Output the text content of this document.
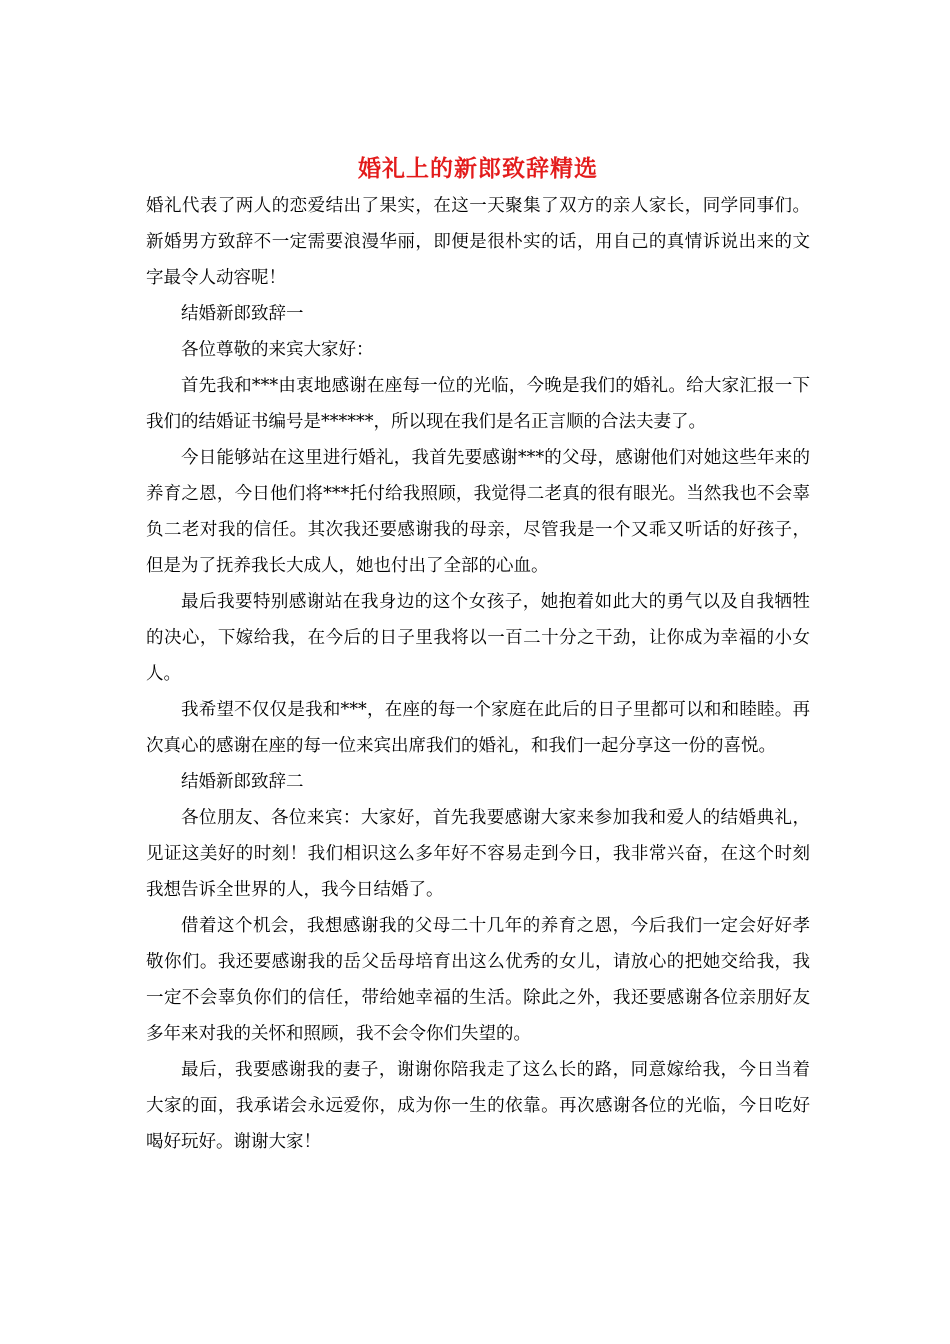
婚礼上的新郎致辞精选

婚礼代表了两人的恋爱结出了果实，在这一天聚集了双方的亲人家长，同学同事们。新婚男方致辞不一定需要浪漫华丽，即便是很朴实的话，用自己的真情诉说出来的文字最令人动容呢！

结婚新郎致辞一

各位尊敬的来宾大家好：

首先我和***由衷地感谢在座每一位的光临，今晚是我们的婚礼。给大家汇报一下我们的结婚证书编号是******，所以现在我们是名正言顺的合法夫妻了。

今日能够站在这里进行婚礼，我首先要感谢***的父母，感谢他们对她这些年来的养育之恩，今日他们将***托付给我照顾，我觉得二老真的很有眼光。当然我也不会辜负二老对我的信任。其次我还要感谢我的母亲，尽管我是一个又乖又听话的好孩子，但是为了抚养我长大成人，她也付出了全部的心血。

最后我要特别感谢站在我身边的这个女孩子，她抱着如此大的勇气以及自我牺牲的决心，下嫁给我，在今后的日子里我将以一百二十分之干劲，让你成为幸福的小女人。

我希望不仅仅是我和***，在座的每一个家庭在此后的日子里都可以和和睦睦。再次真心的感谢在座的每一位来宾出席我们的婚礼，和我们一起分享这一份的喜悦。

结婚新郎致辞二

各位朋友、各位来宾：大家好，首先我要感谢大家来参加我和爱人的结婚典礼，见证这美好的时刻！我们相识这么多年好不容易走到今日，我非常兴奋，在这个时刻我想告诉全世界的人，我今日结婚了。

借着这个机会，我想感谢我的父母二十几年的养育之恩，今后我们一定会好好孝敬你们。我还要感谢我的岳父岳母培育出这么优秀的女儿，请放心的把她交给我，我一定不会辜负你们的信任，带给她幸福的生活。除此之外，我还要感谢各位亲朋好友多年来对我的关怀和照顾，我不会令你们失望的。

最后，我要感谢我的妻子，谢谢你陪我走了这么长的路，同意嫁给我，今日当着大家的面，我承诺会永远爱你，成为你一生的依靠。再次感谢各位的光临，今日吃好喝好玩好。谢谢大家！
